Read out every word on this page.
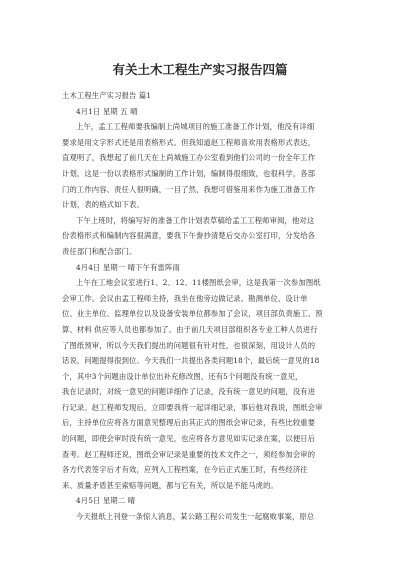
有关土木工程生产实习报告四篇
土木工程生产实习报告 篇1
4月1日 星期 五 晴
上午，孟工工程师要我编制上尚城项目的施工准备工作计划，他没有详细
要求是用文字形式还是用表格形式。但我知道赵工程师喜欢用表格形式表达，
直观明了，我想起了前几天在上尚城施工办公室看到他们公司的一份全年工作
计划，这是一份以表格形式编制的工作计划，编制得很细致，也很科学，各部
门的工作内容、责任人很明确，一目了然，我想可借鉴用来作为施工准备工作
计划，表的格式如下表。
下午上班时，将编写好的准备工作计划表草稿给孟工工程师审阅，他对这
份表格形式和编制内容很满意，要我下午誊抄清楚后交办公室打印，分发给各
责任部门和配合部门。
4月4日 星期一 晴下午有雷阵雨
上午在工地会议室进行1、2、12、11楼图纸会审，这是我第一次参加图纸
会审工作。会议由孟工程师主持，我坐在他旁边做记录。勘测单位、设计单
位、业主单位、监理单位以及设备安装单位都参加了会议，项目部负责施工、预
算、材料 供应等人员也都参加了。由于前几天项目部组织各专业工种人员进行
了图纸预审，所以今天我们提出的问题很有针对性，也很深刻，用设计人员的
话说，问题提得很到位。今天我们一共提出各类问题18个，最后统一意见的18
个，其中3个问题由设计单位出补充修改图，还有5个问题没有统一意见，
我在记录时，对统一意见的问题详细作了记录，没有统一意见的问题，没有进
行记录。赵工程师发现后，立即要我将一起详细记录，事后他对我说，图纸会审
后，主持单位应将各方面意见整理后由其正式的图纸会审记录，有些比较重要
的问题，即使会审时没有统一意见，也应将各方意见如实记录在案，以便日后
查考。赵工程师还说，图纸会审记录是重要的技术文件之一，须经参加会审的
各方代表签字后才有效，应列入工程档案，在今后正式施工时，有些经济往
来、质量矛盾甚至索赔等问题，都与它有关，所以是不能马虎的。
4月5日 星期二 晴
今天报纸上刊登一条惊人消息，某公路工程公司发生一起腐败事案，原总
